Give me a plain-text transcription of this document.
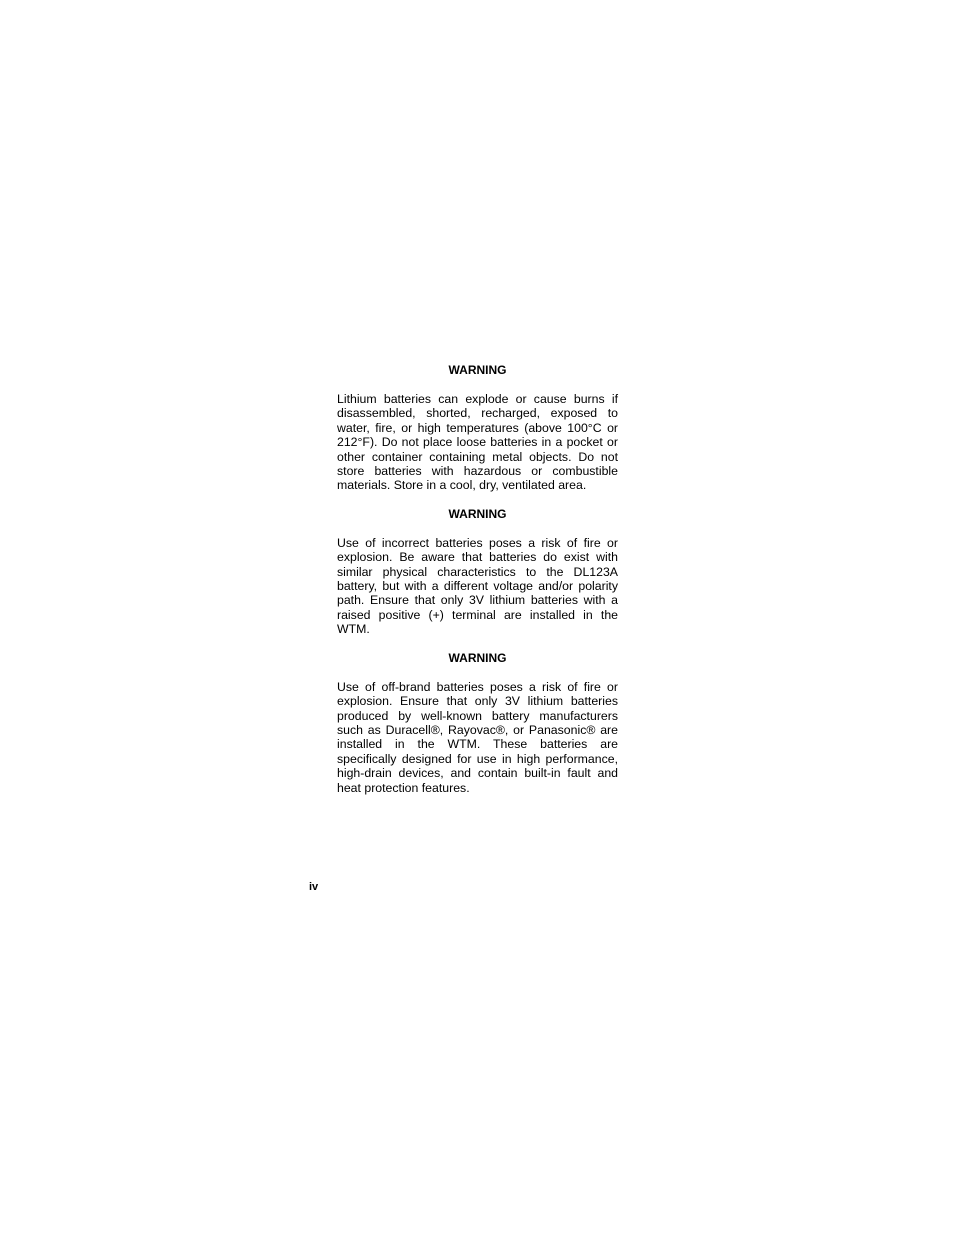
WARNING

Lithium batteries can explode or cause burns if disassembled, shorted, recharged, exposed to water, fire, or high temperatures (above 100°C or 212°F). Do not place loose batteries in a pocket or other container containing metal objects. Do not store batteries with hazardous or combustible materials. Store in a cool, dry, ventilated area.

WARNING

Use of incorrect batteries poses a risk of fire or explosion. Be aware that batteries do exist with similar physical characteristics to the DL123A battery, but with a different voltage and/or polarity path. Ensure that only 3V lithium batteries with a raised positive (+) terminal are installed in the WTM.

WARNING

Use of off-brand batteries poses a risk of fire or explosion. Ensure that only 3V lithium batteries produced by well-known battery manufacturers such as Duracell®, Rayovac®, or Panasonic® are installed in the WTM. These batteries are specifically designed for use in high performance, high-drain devices, and contain built-in fault and heat protection features.

iv
